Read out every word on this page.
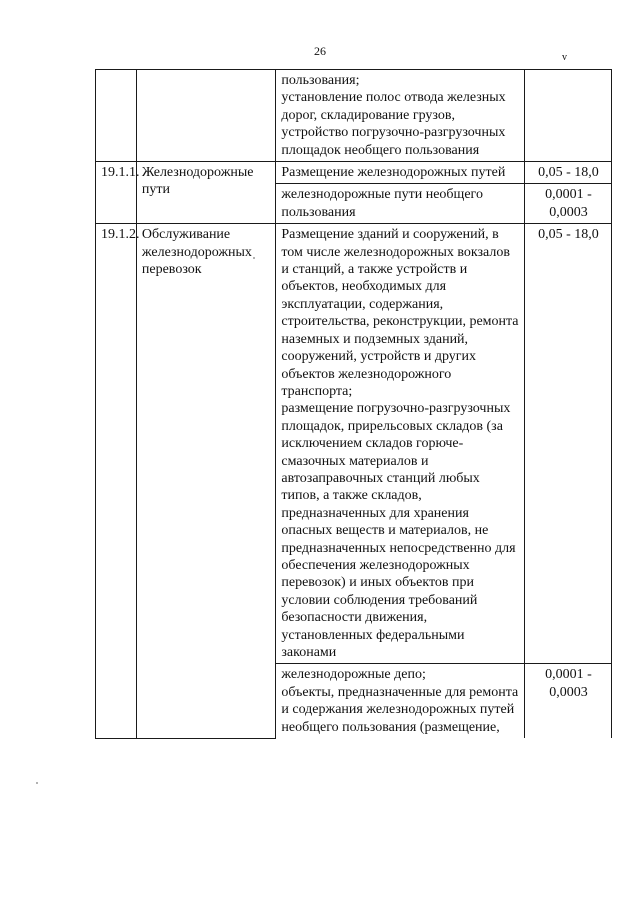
26	v
		пользования;
установление полос отвода железных дорог, складирование грузов, устройство погрузочно-разгрузочных площадок необщего пользования	
19.1.1.	Железнодорожные пути	Размещение железнодорожных путей	0,05 - 18,0
		железнодорожные пути необщего пользования	0,0001 -
0,0003
19.1.2.	Обслуживание железнодорожных перевозок	Размещение зданий и сооружений, в том числе железнодорожных вокзалов и станций, а также устройств и объектов, необходимых для эксплуатации, содержания, строительства, реконструкции, ремонта наземных и подземных зданий, сооружений, устройств и других объектов железнодорожного транспорта;
размещение погрузочно-разгрузочных площадок, прирельсовых складов (за исключением складов горюче-смазочных материалов и автозаправочных станций любых типов, а также складов, предназначенных для хранения опасных веществ и материалов, не предназначенных непосредственно для обеспечения железнодорожных перевозок) и иных объектов при условии соблюдения требований безопасности движения, установленных федеральными законами	0,05 - 18,0
		железнодорожные депо;
объекты, предназначенные для ремонта и содержания железнодорожных путей необщего пользования (размещение,	0,0001 -
0,0003
